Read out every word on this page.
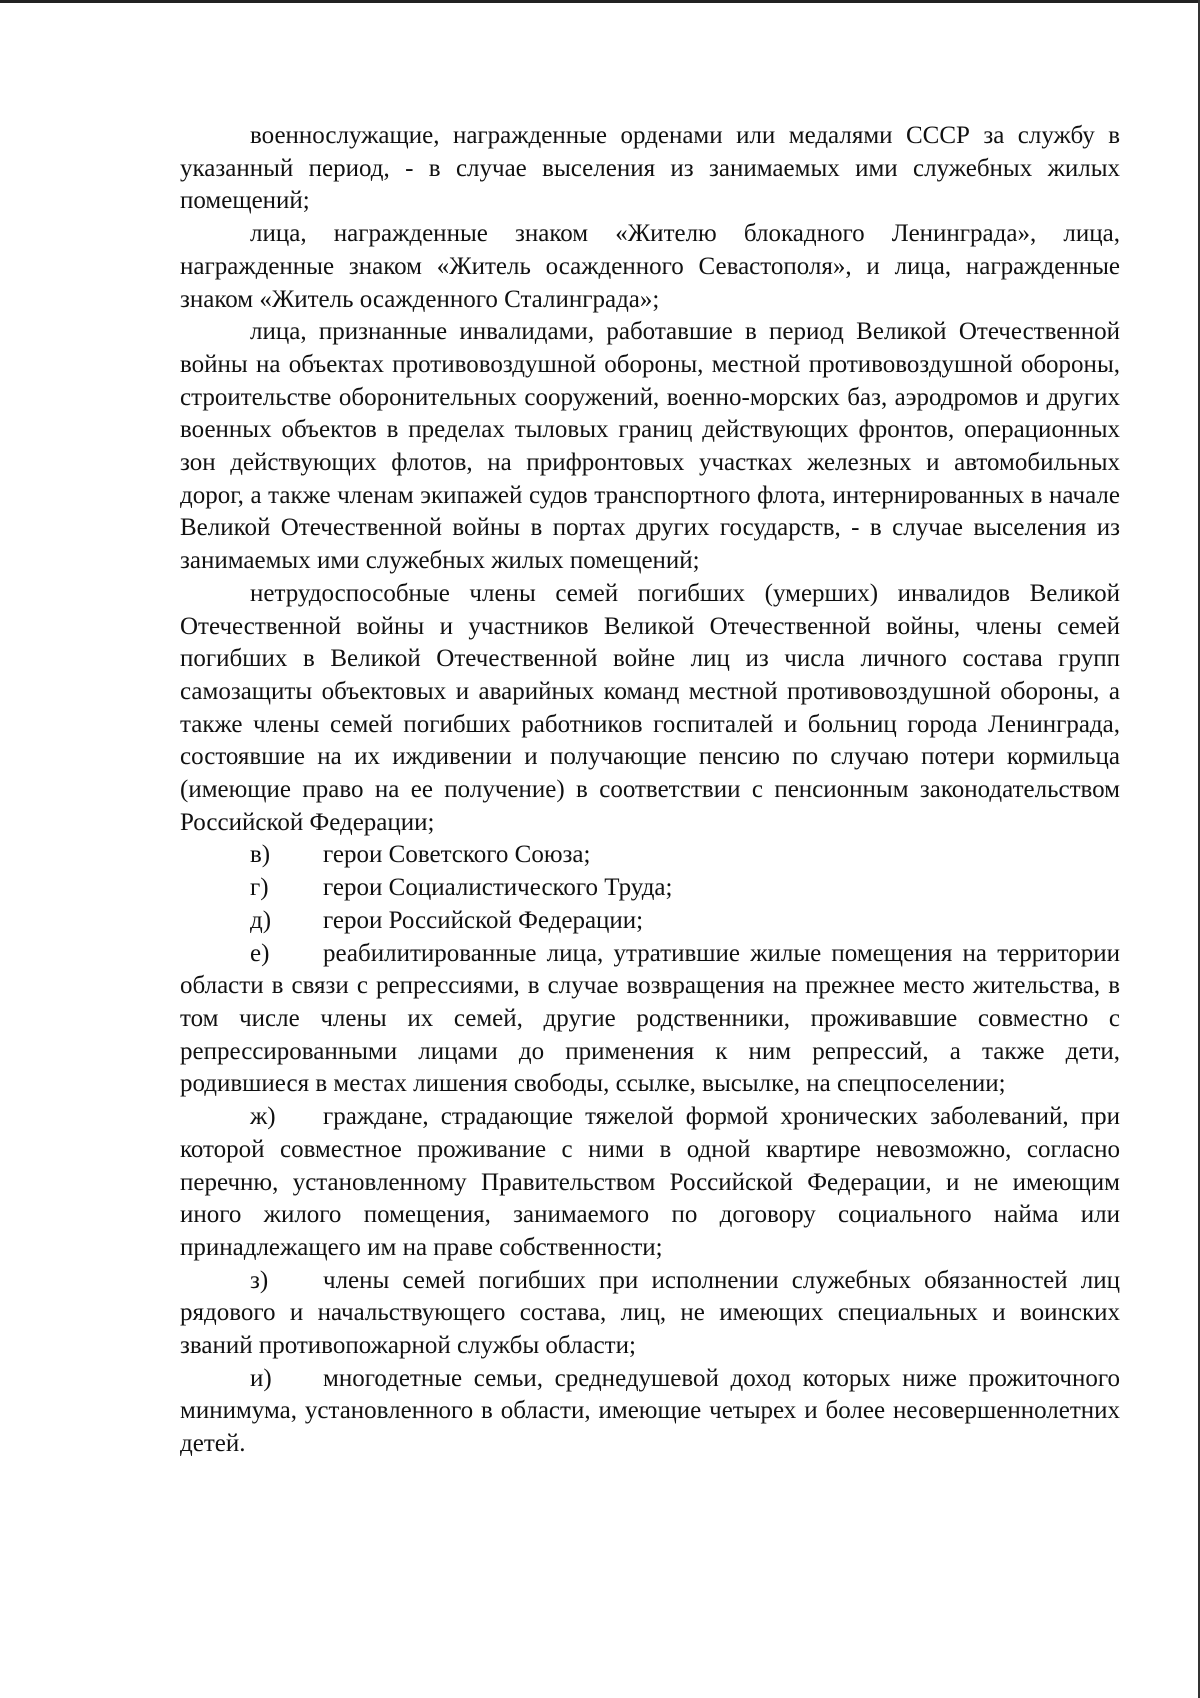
военнослужащие, награжденные орденами или медалями СССР за службу в указанный период, - в случае выселения из занимаемых ими служебных жилых помещений;

лица, награжденные знаком «Жителю блокадного Ленинграда», лица, награжденные знаком «Житель осажденного Севастополя», и лица, награжденные знаком «Житель осажденного Сталинграда»;

лица, признанные инвалидами, работавшие в период Великой Отечественной войны на объектах противовоздушной обороны, местной противовоздушной обороны, строительстве оборонительных сооружений, военно-морских баз, аэродромов и других военных объектов в пределах тыловых границ действующих фронтов, операционных зон действующих флотов, на прифронтовых участках железных и автомобильных дорог, а также членам экипажей судов транспортного флота, интернированных в начале Великой Отечественной войны в портах других государств, - в случае выселения из занимаемых ими служебных жилых помещений;

нетрудоспособные члены семей погибших (умерших) инвалидов Великой Отечественной войны и участников Великой Отечественной войны, члены семей погибших в Великой Отечественной войне лиц из числа личного состава групп самозащиты объектовых и аварийных команд местной противовоздушной обороны, а также члены семей погибших работников госпиталей и больниц города Ленинграда, состоявшие на их иждивении и получающие пенсию по случаю потери кормильца (имеющие право на ее получение) в соответствии с пенсионным законодательством Российской Федерации;

в) герои Советского Союза;

г) герои Социалистического Труда;

д) герои Российской Федерации;

е) реабилитированные лица, утратившие жилые помещения на территории области в связи с репрессиями, в случае возвращения на прежнее место жительства, в том числе члены их семей, другие родственники, проживавшие совместно с репрессированными лицами до применения к ним репрессий, а также дети, родившиеся в местах лишения свободы, ссылке, высылке, на спецпоселении;

ж) граждане, страдающие тяжелой формой хронических заболеваний, при которой совместное проживание с ними в одной квартире невозможно, согласно перечню, установленному Правительством Российской Федерации, и не имеющим иного жилого помещения, занимаемого по договору социального найма или принадлежащего им на праве собственности;

з) члены семей погибших при исполнении служебных обязанностей лиц рядового и начальствующего состава, лиц, не имеющих специальных и воинских званий противопожарной службы области;

и) многодетные семьи, среднедушевой доход которых ниже прожиточного минимума, установленного в области, имеющие четырех и более несовершеннолетних детей.
